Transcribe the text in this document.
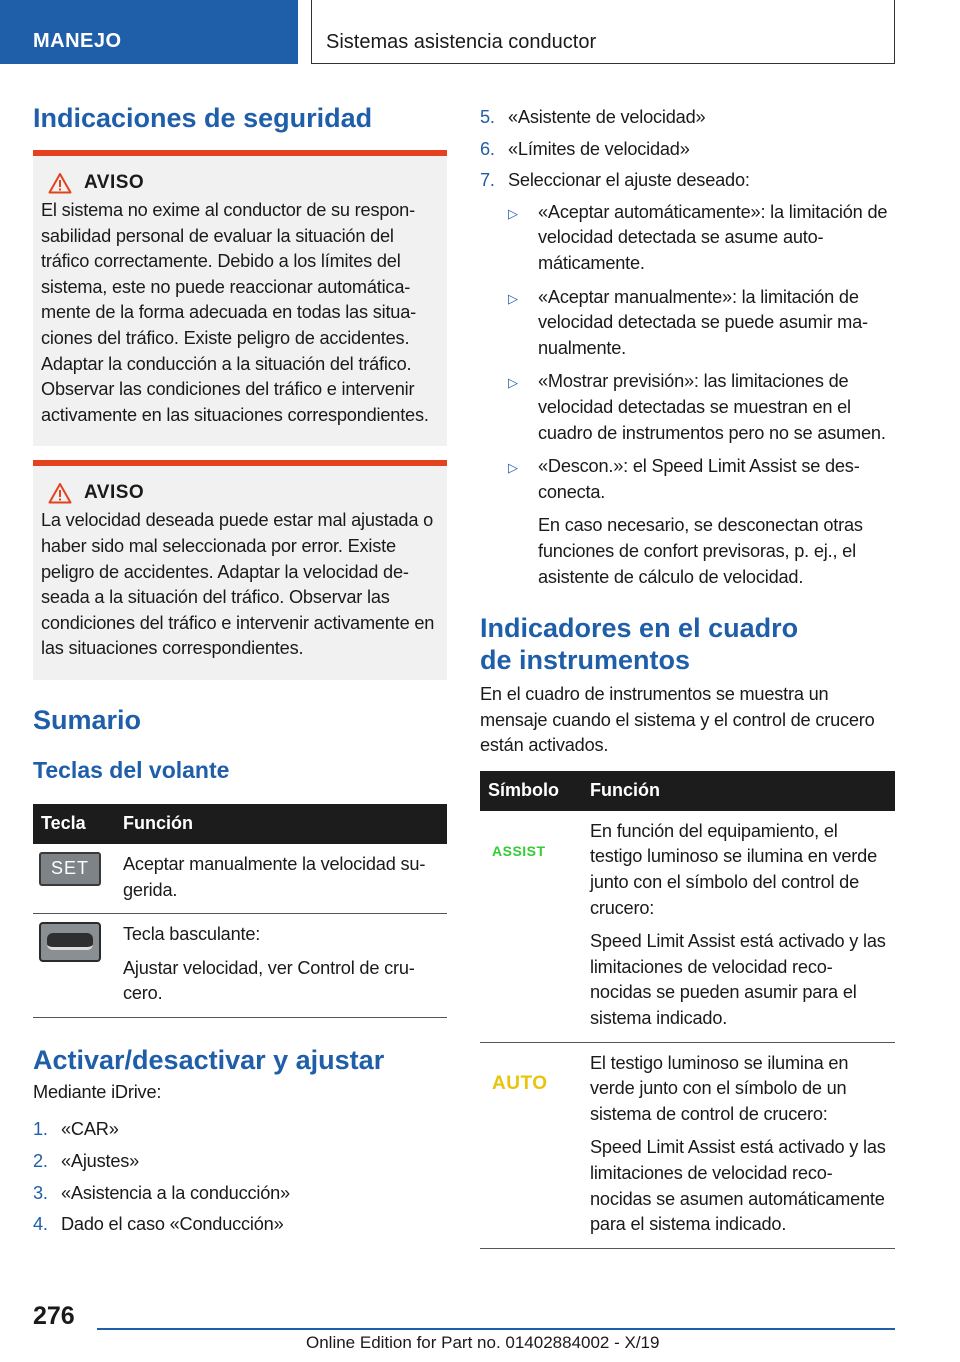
MANEJO	Sistemas asistencia conductor
Indicaciones de seguridad
AVISO

El sistema no exime al conductor de su responsabilidad personal de evaluar la situación del tráfico correctamente. Debido a los límites del sistema, este no puede reaccionar automáticamente de la forma adecuada en todas las situaciones del tráfico. Existe peligro de accidentes. Adaptar la conducción a la situación del tráfico. Observar las condiciones del tráfico e intervenir activamente en las situaciones correspondientes.

AVISO

La velocidad deseada puede estar mal ajustada o haber sido mal seleccionada por error. Existe peligro de accidentes. Adaptar la velocidad deseada a la situación del tráfico. Observar las condiciones del tráfico e intervenir activamente en las situaciones correspondientes.

Sumario
Teclas del volante
Tecla	Función

SET	Aceptar manualmente la velocidad sugerida.

	Tecla basculante:

Ajustar velocidad, ver Control de crucero.

Activar/desactivar y ajustar

Mediante iDrive:

1. «CAR»
2. «Ajustes»
3. «Asistencia a la conducción»
4. Dado el caso «Conducción»
5. «Asistente de velocidad»
6. «Límites de velocidad»
7. Seleccionar el ajuste deseado:
▷	«Aceptar automáticamente»: la limitación de velocidad detectada se asume automáticamente.
▷	«Aceptar manualmente»: la limitación de velocidad detectada se puede asumir manualmente.
▷	«Mostrar previsión»: las limitaciones de velocidad detectadas se muestran en el cuadro de instrumentos pero no se asumen.
▷	«Descon.»: el Speed Limit Assist se desconecta.
En caso necesario, se desconectan otras funciones de confort previsoras, p. ej., el asistente de cálculo de velocidad.
Indicadores en el cuadro de instrumentos

En el cuadro de instrumentos se muestra un mensaje cuando el sistema y el control de crucero están activados.

Símbolo	Función

ASSIST	En función del equipamiento, el testigo luminoso se ilumina en verde junto con el símbolo del control de crucero:

Speed Limit Assist está activado y las limitaciones de velocidad reconocidas se pueden asumir para el sistema indicado.

AUTO	El testigo luminoso se ilumina en verde junto con el símbolo de un sistema de control de crucero:

Speed Limit Assist está activado y las limitaciones de velocidad reconocidas se asumen automáticamente para el sistema indicado.

276
Online Edition for Part no. 01402884002 - X/19
